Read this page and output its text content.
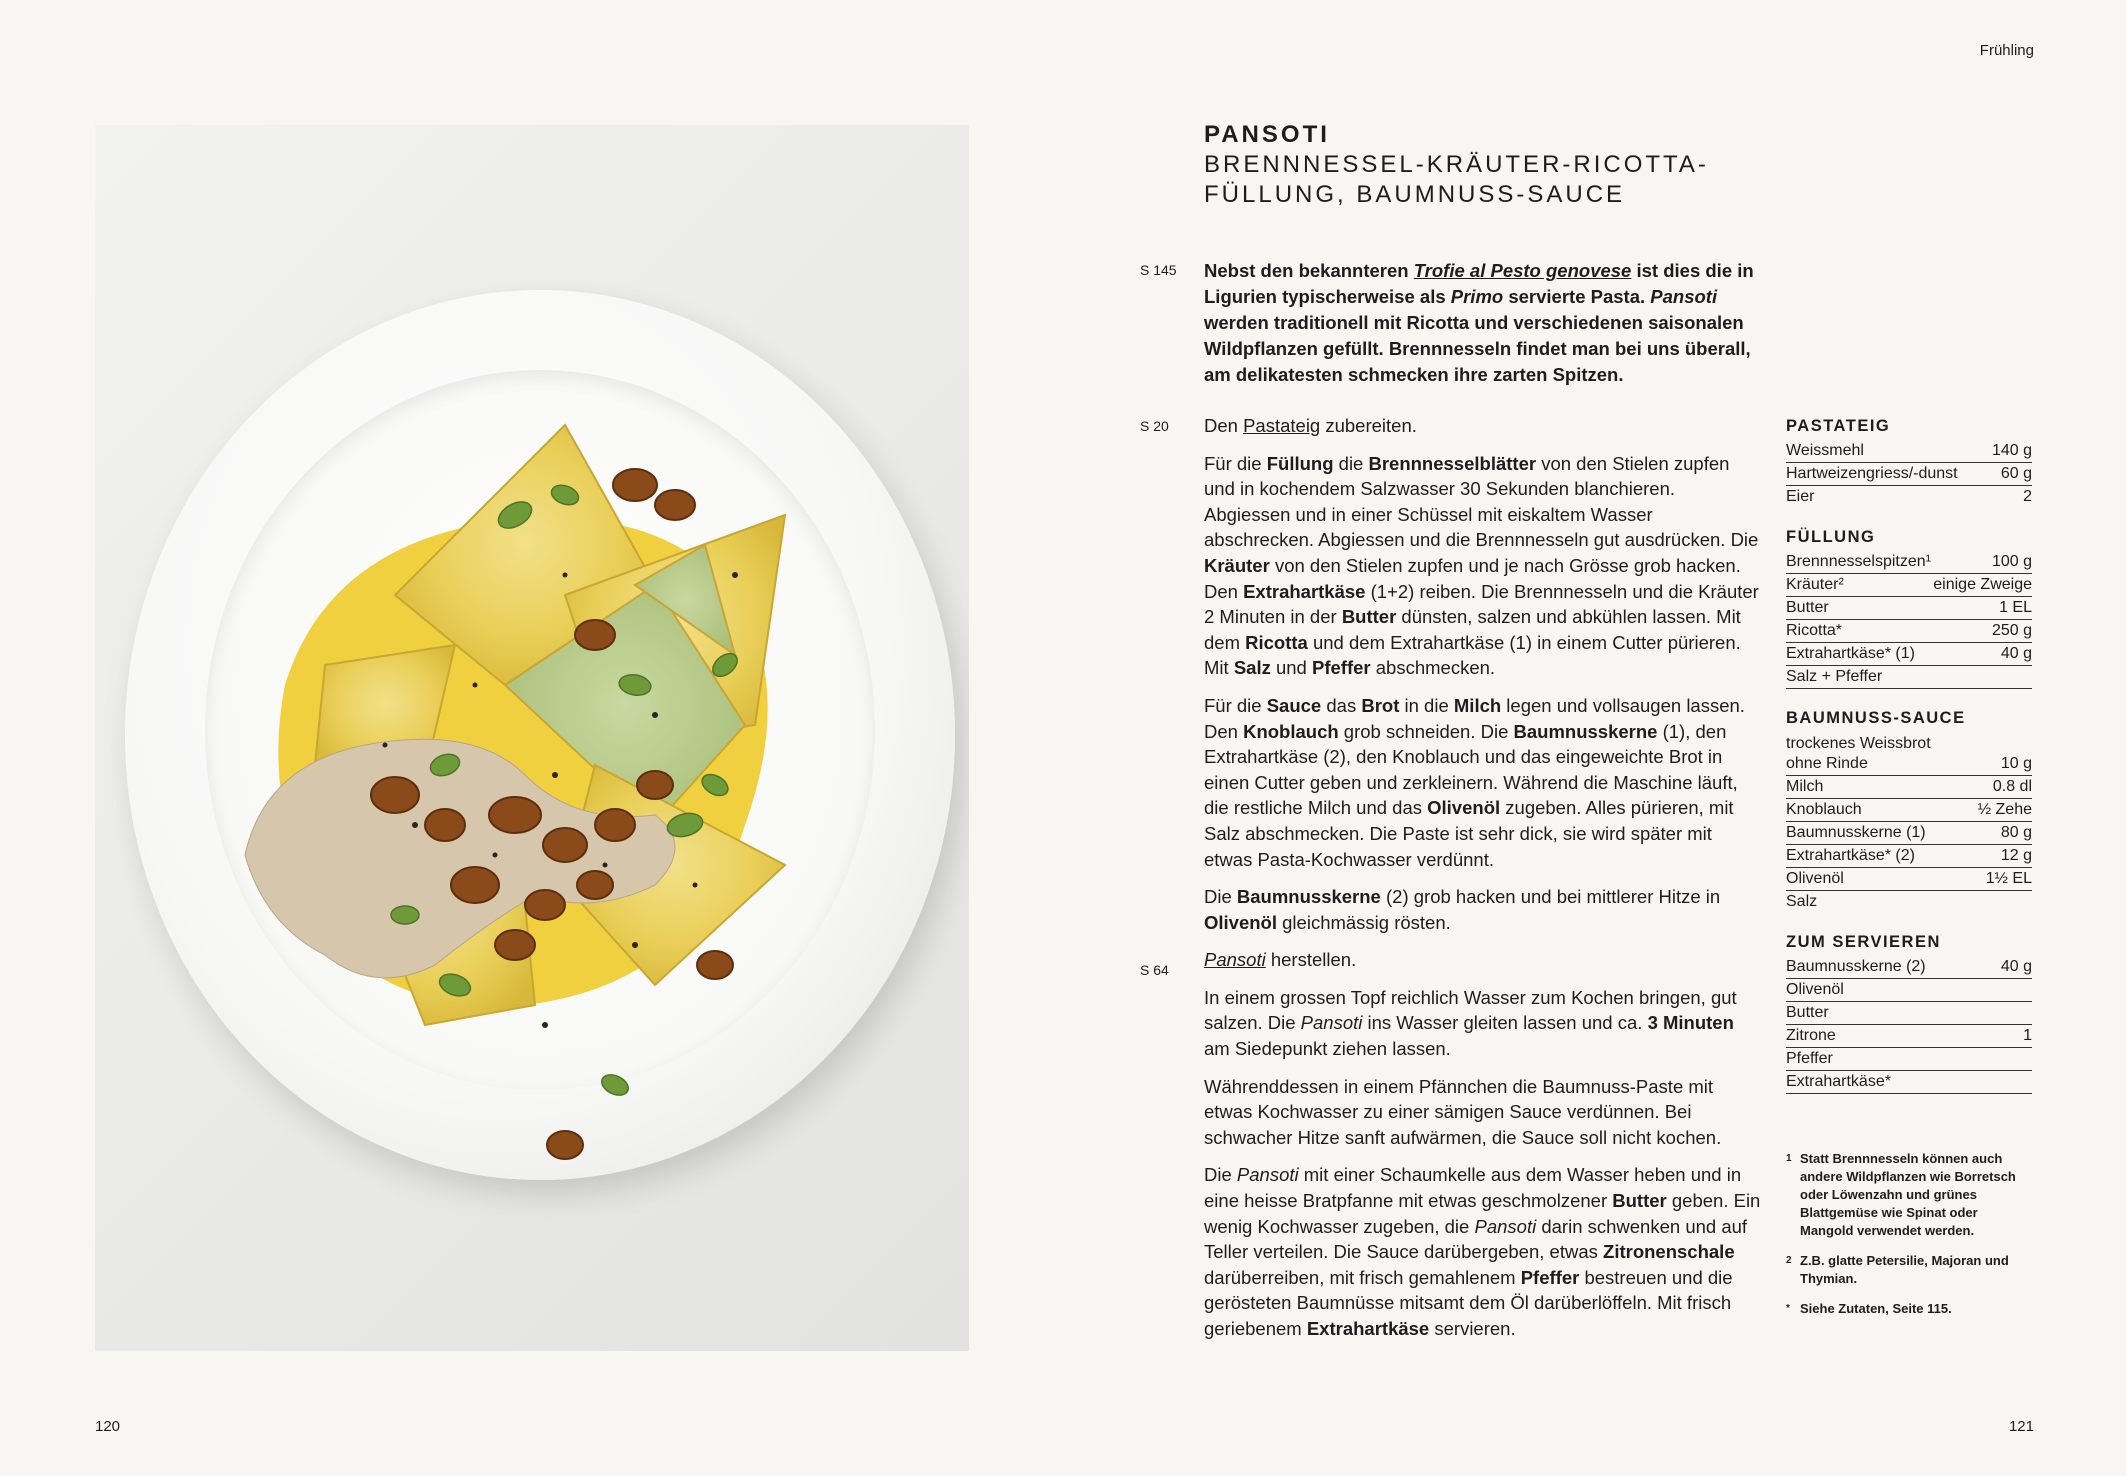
Frühling
120	121
PANSOTI
BRENNNESSEL-KRÄUTER-RICOTTA-
FÜLLUNG, BAUMNUSS-SAUCE
S 145
S 20
S 64
Nebst den bekannteren Trofie al Pesto genovese ist dies die in Ligurien typischerweise als Primo servierte Pasta. Pansoti werden traditionell mit Ricotta und verschiedenen saisonalen Wildpflanzen gefüllt. Brennnesseln findet man bei uns überall, am delikatesten schmecken ihre zarten Spitzen.

Den Pastateig zubereiten.

Für die Füllung die Brennnesselblätter von den Stielen zupfen und in kochendem Salzwasser 30 Sekunden blanchieren. Abgiessen und in einer Schüssel mit eiskaltem Wasser abschrecken. Abgiessen und die Brennnesseln gut ausdrücken. Die Kräuter von den Stielen zupfen und je nach Grösse grob hacken. Den Extrahartkäse (1+2) reiben. Die Brennnesseln und die Kräuter 2 Minuten in der Butter dünsten, salzen und abkühlen lassen. Mit dem Ricotta und dem Extrahartkäse (1) in einem Cutter pürieren. Mit Salz und Pfeffer abschmecken.

Für die Sauce das Brot in die Milch legen und vollsaugen lassen. Den Knoblauch grob schneiden. Die Baumnusskerne (1), den Extrahartkäse (2), den Knoblauch und das eingeweichte Brot in einen Cutter geben und zerkleinern. Während die Maschine läuft, die restliche Milch und das Olivenöl zugeben. Alles pürieren, mit Salz abschmecken. Die Paste ist sehr dick, sie wird später mit etwas Pasta-Kochwasser verdünnt.

Die Baumnusskerne (2) grob hacken und bei mittlerer Hitze in Olivenöl gleichmässig rösten.

Pansoti herstellen.

In einem grossen Topf reichlich Wasser zum Kochen bringen, gut salzen. Die Pansoti ins Wasser gleiten lassen und ca. 3 Minuten am Siedepunkt ziehen lassen.

Währenddessen in einem Pfännchen die Baumnuss-Paste mit etwas Kochwasser zu einer sämigen Sauce verdünnen. Bei schwacher Hitze sanft aufwärmen, die Sauce soll nicht kochen.

Die Pansoti mit einer Schaumkelle aus dem Wasser heben und in eine heisse Bratpfanne mit etwas geschmolzener Butter geben. Ein wenig Kochwasser zugeben, die Pansoti darin schwenken und auf Teller verteilen. Die Sauce darübergeben, etwas Zitronenschale darüberreiben, mit frisch gemahlenem Pfeffer bestreuen und die gerösteten Baumnüsse mitsamt dem Öl darüberlöffeln. Mit frisch geriebenem Extrahartkäse servieren.

PASTATEIG
Weissmehl	140 g
Hartweizengriess/-dunst	60 g
Eier	2
FÜLLUNG
Brennnesselspitzen¹	100 g
Kräuter²	einige Zweige
Butter	1 EL
Ricotta*	250 g
Extrahartkäse* (1)	40 g
Salz + Pfeffer
BAUMNUSS-SAUCE
trockenes Weissbrot
ohne Rinde	10 g
Milch	0.8 dl
Knoblauch	½ Zehe
Baumnusskerne (1)	80 g
Extrahartkäse* (2)	12 g
Olivenöl	1½ EL
Salz
ZUM SERVIEREN
Baumnusskerne (2)	40 g
Olivenöl
Butter
Zitrone	1
Pfeffer
Extrahartkäse*
1 Statt Brennnesseln können auch andere Wildpflanzen wie Borretsch oder Löwenzahn und grünes Blattgemüse wie Spinat oder Mangold verwendet werden.
2 Z.B. glatte Petersilie, Majoran und Thymian.
* Siehe Zutaten, Seite 115.
